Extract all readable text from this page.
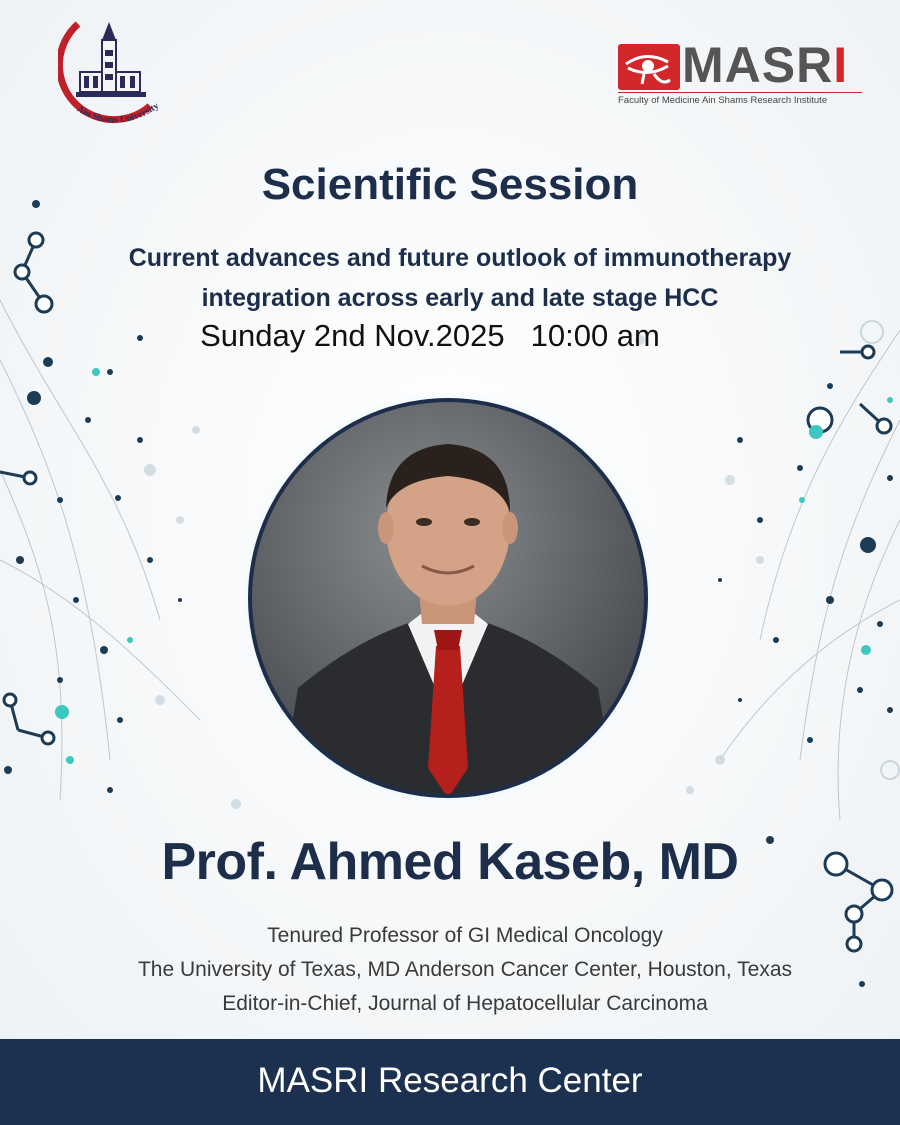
Ain Shams University
MASRI
Faculty of Medicine Ain Shams Research Institute
Scientific Session
Current advances and future outlook of immunotherapy
integration across early and late stage HCC
Sunday 2nd Nov.2025 10:00 am
Prof. Ahmed Kaseb, MD
Tenured Professor of GI Medical Oncology
The University of Texas, MD Anderson Cancer Center, Houston, Texas
Editor-in-Chief, Journal of Hepatocellular Carcinoma
MASRI Research Center
